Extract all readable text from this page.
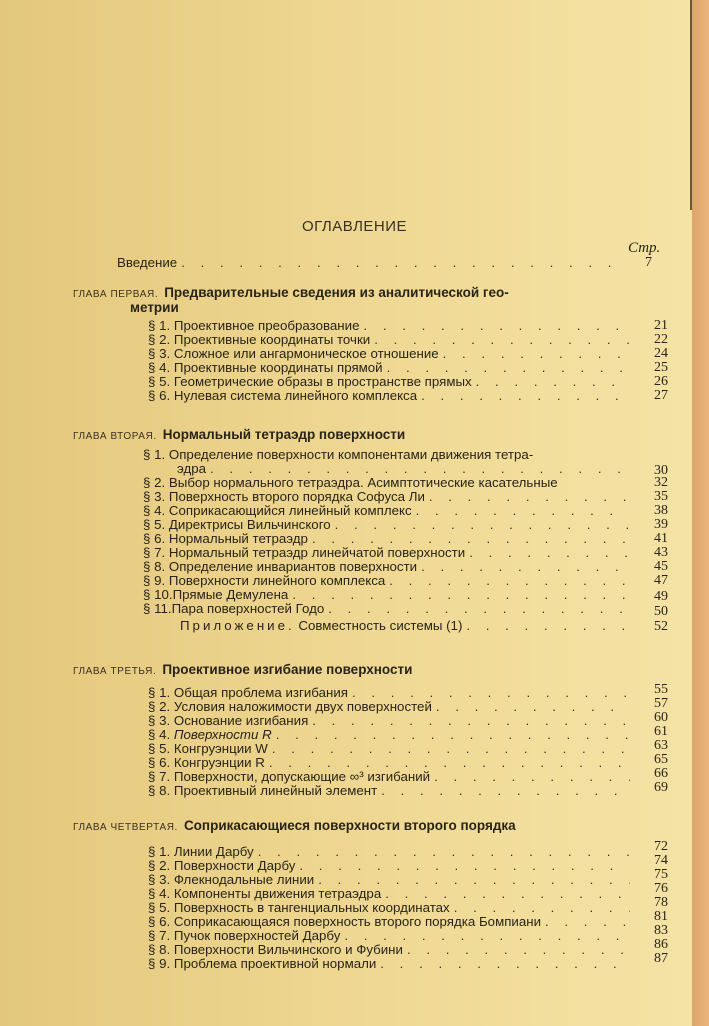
ОГЛАВЛЕНИЕ
Стр.
Введение . . .	7
ГЛАВА ПЕРВАЯ. Предварительные сведения из аналитической гео-
метрии
§ 1. Проективное преобразование . . .	21
§ 2. Проективные координаты точки . . .	22
§ 3. Сложное или ангармоническое отношение . . .	24
§ 4. Проективные координаты прямой . . .	25
§ 5. Геометрические образы в пространстве прямых . . .	26
§ 6. Нулевая система линейного комплекса . . .	27
ГЛАВА ВТОРАЯ. Нормальный тетраэдр поверхности
§ 1. Определение поверхности компонентами движения тетра-
эдра . . .	30
§ 2. Выбор нормального тетраэдра. Асимптотические касательные	32
§ 3. Поверхность второго порядка Софуса Ли . . .	35
§ 4. Соприкасающийся линейный комплекс . . .	38
§ 5. Директрисы Вильчинского . . .	39
§ 6. Нормальный тетраэдр . . .	41
§ 7. Нормальный тетраэдр линейчатой поверхности . . .	43
§ 8. Определение инвариантов поверхности . . .	45
§ 9. Поверхности линейного комплекса . . .	47
§ 10.Прямые Демулена . . .	49
§ 11.Пара поверхностей Годо . . .	50
Приложение. Совместность системы (1) . . .	52
ГЛАВА ТРЕТЬЯ. Проективное изгибание поверхности
§ 1. Общая проблема изгибания . . .	55
§ 2. Условия наложимости двух поверхностей . . .	57
§ 3. Основание изгибания . . .	60
§ 4. Поверхности R . . .	61
§ 5. Конгруэнции W . . .	63
§ 6. Конгруэнции R . . .	65
§ 7. Поверхности, допускающие ∞³ изгибаний . . .	66
§ 8. Проективный линейный элемент . . .	69
ГЛАВА ЧЕТВЕРТАЯ. Соприкасающиеся поверхности второго порядка
§ 1. Линии Дарбу . . .	72
§ 2. Поверхности Дарбу . . .	74
§ 3. Флекнодальные линии . . .	75
§ 4. Компоненты движения тетраэдра . . .	76
§ 5. Поверхность в тангенциальных координатах . . .	78
§ 6. Соприкасающаяся поверхность второго порядка Бомпиани . . .	81
§ 7. Пучок поверхностей Дарбу . . .	83
§ 8. Поверхности Вильчинского и Фубини . . .	86
§ 9. Проблема проективной нормали . . .	87
